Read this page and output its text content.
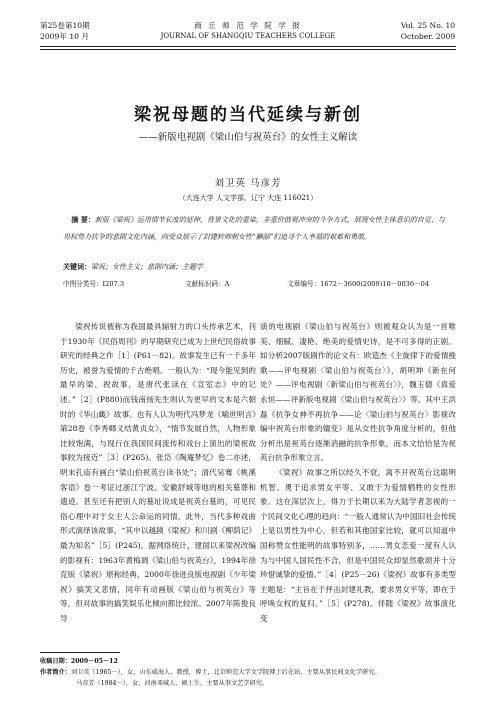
第25卷第10期
2009年 10 月
商 丘 师 范 学 院 学 报
JOURNAL OF SHANGQIU TEACHERS COLLEGE
Vol. 25 No. 10
October. 2009
梁祝母题的当代延续与新创
——新版电视剧《梁山伯与祝英台》的女性主义解读
刘卫英 马彦芳
（大连大学 人文学部，辽宁 大连 116021）
摘 要：新版《梁祝》运用情节长度的延伸，背景文化的重染，多重价值观冲突的斗争方式，展现女性主体意识的自觉、与男权势力抗争的悲剧文化内涵，向受众展示了封建转帅朝女性“獭舔”们追寻个人幸福的艰难和勇敢。
关键词：梁祝；女性主义；悲剧内涵；主题学
中图分类号：I207.3	文献标识码：A	文章编号：1672－3600(2009)10－0036－04

梁祝传说被称为我国最具辐射力的口头传承艺术，刊于1930年《民俗周刊》的早期研究已成为上世纪民俗故事研究的经典之作［1］(P61－82)。故事发生已有一千多年历史，被誉为爱情的千古绝唱。一般认为：“现今能见到的最早的梁、祝故事，是唐代张读在《宣室志》中的记述。”［2］(P880)而钱南扬先生则认为更早的文本是六朝时的《华山畿》故事。也有人认为明代冯梦龙《喻世明言》第28卷《李秀卿义结黄贞女》，“情节发展自然，人物形象比较饱满，与现行在我国民间流传和戏台上演出的梁祝故事较为接近”［3］(P265)。张岱《陶庵梦忆》卷二亦述，明末孔庙有画白“梁山伯祝英台读书处”；清代吴骞《桃溪客语》卷一考证过浙江宁波、安徽舒城等地的相关墓葬和遗迹。甚至还有把别人的墓址说成是祝英台墓的，可见民俗心理中对于女主人公命运的同情。此外，当代多种戏曲形式演绎该故事，“其中以越剧《梁祝》和川剧《柳荫记》最为知名”［5］(P245)。据网络统计，建国以来梁祝改编的影视有：1963年黄梅调《梁山伯与祝英台》，1994年徐克版《梁祝》堪称经典，2000年徐进良版电视剧《少年梁祝》搞笑又悲情，同年有动画版《梁山伯与祝英台》等等，但对故事的搞笑娱乐化倾向都比较浓。2007年陈俊良导

演的电视剧《梁山伯与祝英台》则被观众认为是一首唯美、细腻、凄艳、绝美的爱情史诗，是不可多得的正剧。如分析2007版剧作的论文有：欧造杰《主旋律下的爱情挽歌——评电视剧〈梁山伯与祝英台〉》，胡明坤《新在何处？——评电视剧〈新梁山伯与祝英台〉》，魏玉德《真爱永恒——评新版电视剧〈梁山伯与祝英台〉》等。其中王洪磊《抗争女神不再抗争——论〈梁山伯与祝英台〉影视改编中祝英台形象的嬗变》是从女性抗争角度分析的，但他分析出是祝英台逐渐消融的抗争形象，而本文恰恰是为祝英台抗争形象立言。

《梁祝》故事之所以经久不衰，离不开祝英台这聪明机智、勇于追求男女平等、又敢于为爱情牺牲的女性形象。这在深层次上，得力于长期以来为大陆学者忽视的一个民间文化心理的趋向：“一般人通常认为中国旧社会传统上是以男性为中心，但若和其他国家比较，就可以知道中国称赞女性能明的故事特别多，……男女恋爱一度有人认为与中国人国民性不合，但是中国民众却显然歌颂并十分珍惜诚挚的爱情。”［4］(P25－26)《梁祝》故事有多类型主题是：“主旨在于抨击封建礼教，要求男女平等，即在于呼唤女权的复归。”［5］(P278)。伴随《梁祝》故事演化变

收稿日期：2009－05－12
作者简介：刘卫英（1965－），女，山东威海人，教授，博士，北京师范大学文学院博士后在站，主要从事民间文化学研究。
马彦芳（1984－），女，河南邓城人，硕士生，主要从事文艺学研究。
